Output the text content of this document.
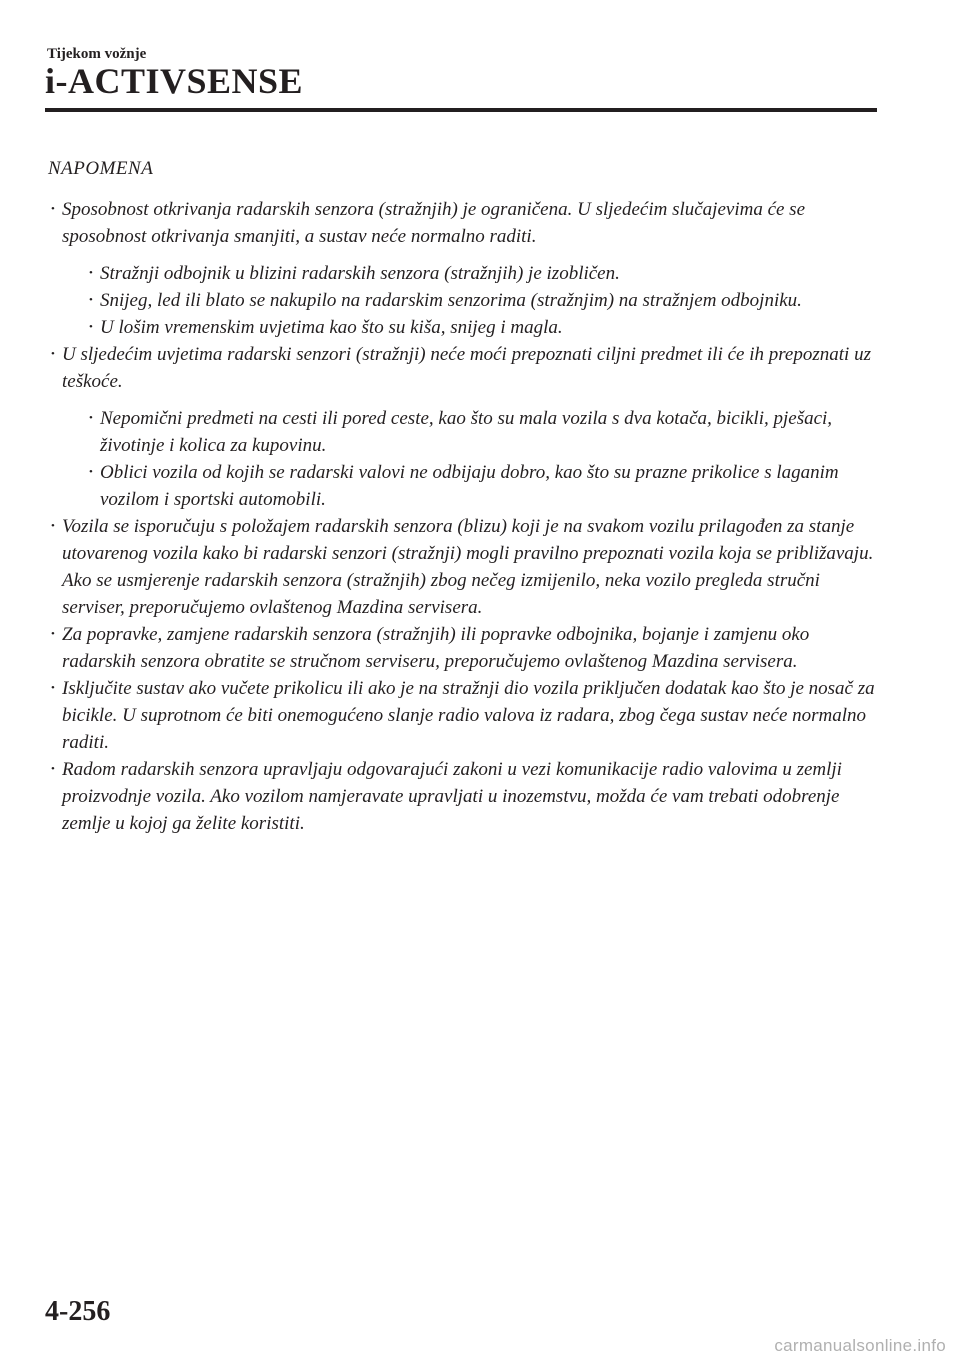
Tijekom vožnje
i-ACTIVSENSE
NAPOMENA
• Sposobnost otkrivanja radarskih senzora (stražnjih) je ograničena. U sljedećim slučajevima će se sposobnost otkrivanja smanjiti, a sustav neće normalno raditi.
• Stražnji odbojnik u blizini radarskih senzora (stražnjih) je izobličen.
• Snijeg, led ili blato se nakupilo na radarskim senzorima (stražnjim) na stražnjem odbojniku.
• U lošim vremenskim uvjetima kao što su kiša, snijeg i magla.
• U sljedećim uvjetima radarski senzori (stražnji) neće moći prepoznati ciljni predmet ili će ih prepoznati uz teškoće.
• Nepomični predmeti na cesti ili pored ceste, kao što su mala vozila s dva kotača, bicikli, pješaci, životinje i kolica za kupovinu.
• Oblici vozila od kojih se radarski valovi ne odbijaju dobro, kao što su prazne prikolice s laganim vozilom i sportski automobili.
• Vozila se isporučuju s položajem radarskih senzora (blizu) koji je na svakom vozilu prilagođen za stanje utovarenog vozila kako bi radarski senzori (stražnji) mogli pravilno prepoznati vozila koja se približavaju. Ako se usmjerenje radarskih senzora (stražnjih) zbog nečeg izmijenilo, neka vozilo pregleda stručni serviser, preporučujemo ovlaštenog Mazdina servisera.
• Za popravke, zamjene radarskih senzora (stražnjih) ili popravke odbojnika, bojanje i zamjenu oko radarskih senzora obratite se stručnom serviseru, preporučujemo ovlaštenog Mazdina servisera.
• Isključite sustav ako vučete prikolicu ili ako je na stražnji dio vozila priključen dodatak kao što je nosač za bicikle. U suprotnom će biti onemogućeno slanje radio valova iz radara, zbog čega sustav neće normalno raditi.
• Radom radarskih senzora upravljaju odgovarajući zakoni u vezi komunikacije radio valovima u zemlji proizvodnje vozila. Ako vozilom namjeravate upravljati u inozemstvu, možda će vam trebati odobrenje zemlje u kojoj ga želite koristiti.
4-256
carmanualsonline.info
